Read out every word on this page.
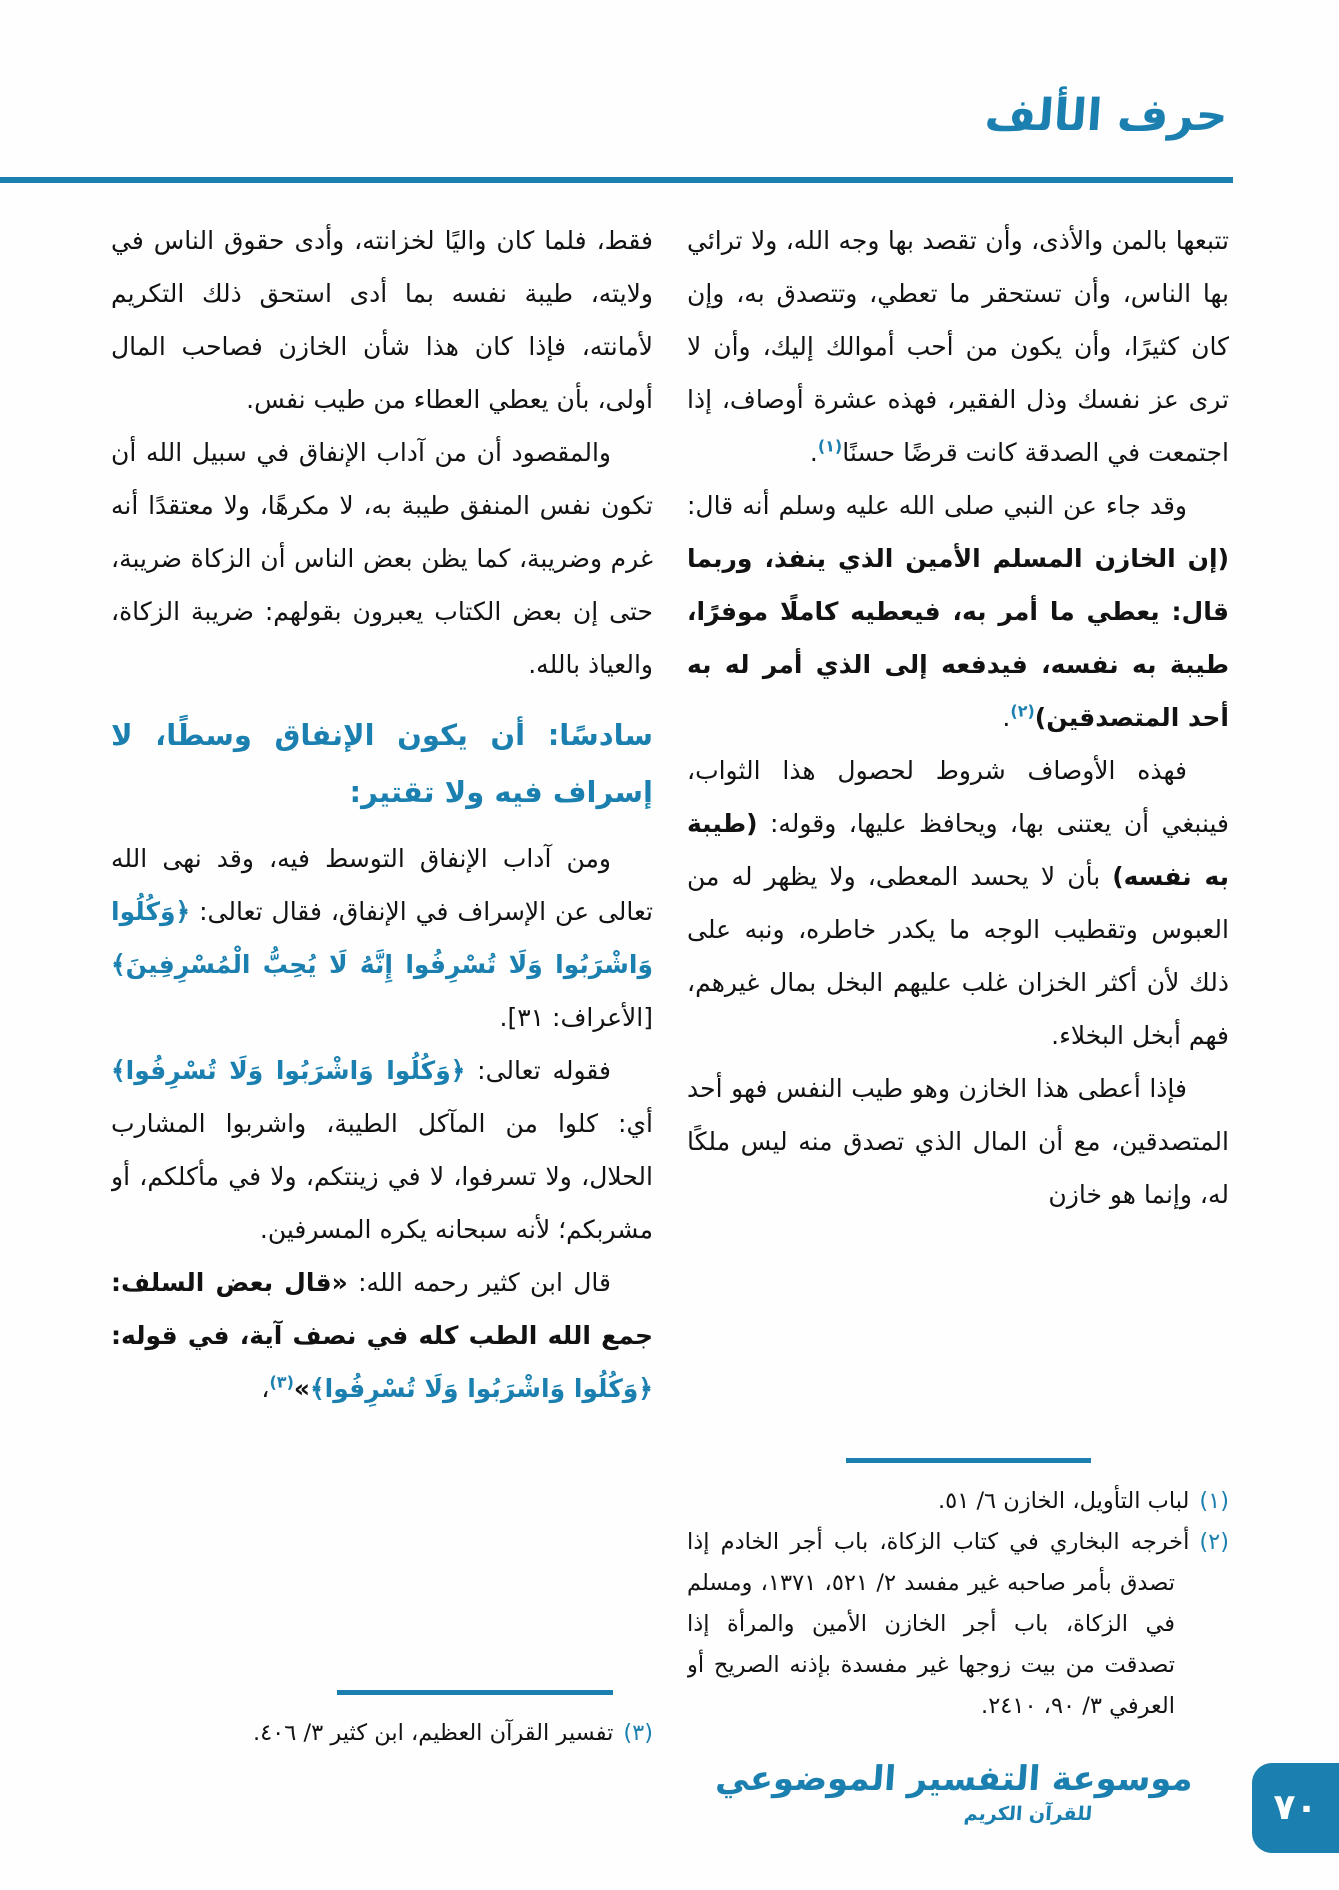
حرف الألف

تتبعها بالمن والأذى، وأن تقصد بها وجه الله، ولا ترائي بها الناس، وأن تستحقر ما تعطي، وتتصدق به، وإن كان كثيرًا، وأن يكون من أحب أموالك إليك، وأن لا ترى عز نفسك وذل الفقير، فهذه عشرة أوصاف، إذا اجتمعت في الصدقة كانت قرضًا حسنًا$^{(١)}$.

وقد جاء عن النبي صلى الله عليه وسلم أنه قال: (إن الخازن المسلم الأمين الذي ينفذ، وربما قال: يعطي ما أمر به، فيعطيه كاملًا موفرًا، طيبة به نفسه، فيدفعه إلى الذي أمر له به أحد المتصدقين)$^{(٢)}$.

فهذه الأوصاف شروط لحصول هذا الثواب، فينبغي أن يعتنى بها، ويحافظ عليها، وقوله: (طيبة به نفسه) بأن لا يحسد المعطى، ولا يظهر له من العبوس وتقطيب الوجه ما يكدر خاطره، ونبه على ذلك لأن أكثر الخزان غلب عليهم البخل بمال غيرهم، فهم أبخل البخلاء.

فإذا أعطى هذا الخازن وهو طيب النفس فهو أحد المتصدقين، مع أن المال الذي تصدق منه ليس ملكًا له، وإنما هو خازن

(١)لباب التأويل، الخازن ٦/ ٥١.
(٢)أخرجه البخاري في كتاب الزكاة، باب أجر الخادم إذا تصدق بأمر صاحبه غير مفسد ٢/ ٥٢١، ١٣٧١، ومسلم في الزكاة، باب أجر الخازن الأمين والمرأة إذا تصدقت من بيت زوجها غير مفسدة بإذنه الصريح أو العرفي ٣/ ٩٠، ٢٤١٠.

فقط، فلما كان واليًا لخزانته، وأدى حقوق الناس في ولايته، طيبة نفسه بما أدى استحق ذلك التكريم لأمانته، فإذا كان هذا شأن الخازن فصاحب المال أولى، بأن يعطي العطاء من طيب نفس.

والمقصود أن من آداب الإنفاق في سبيل الله أن تكون نفس المنفق طيبة به، لا مكرهًا، ولا معتقدًا أنه غرم وضريبة، كما يظن بعض الناس أن الزكاة ضريبة، حتى إن بعض الكتاب يعبرون بقولهم: ضريبة الزكاة، والعياذ بالله.

سادسًا: أن يكون الإنفاق وسطًا، لا إسراف فيه ولا تقتير:

ومن آداب الإنفاق التوسط فيه، وقد نهى الله تعالى عن الإسراف في الإنفاق، فقال تعالى: ﴿وَكُلُوا وَاشْرَبُوا وَلَا تُسْرِفُوا إِنَّهُ لَا يُحِبُّ الْمُسْرِفِينَ﴾ [الأعراف: ٣١].

فقوله تعالى: ﴿وَكُلُوا وَاشْرَبُوا وَلَا تُسْرِفُوا﴾ أي: كلوا من المآكل الطيبة، واشربوا المشارب الحلال، ولا تسرفوا، لا في زينتكم، ولا في مأكلكم، أو مشربكم؛ لأنه سبحانه يكره المسرفين.

قال ابن كثير رحمه الله: «قال بعض السلف: جمع الله الطب كله في نصف آية، في قوله: ﴿وَكُلُوا وَاشْرَبُوا وَلَا تُسْرِفُوا﴾»$^{(٣)}$،

(٣)تفسير القرآن العظيم، ابن كثير ٣/ ٤٠٦.
موسوعة التفسير الموضوعي
للقرآن الكريم	٧٠
